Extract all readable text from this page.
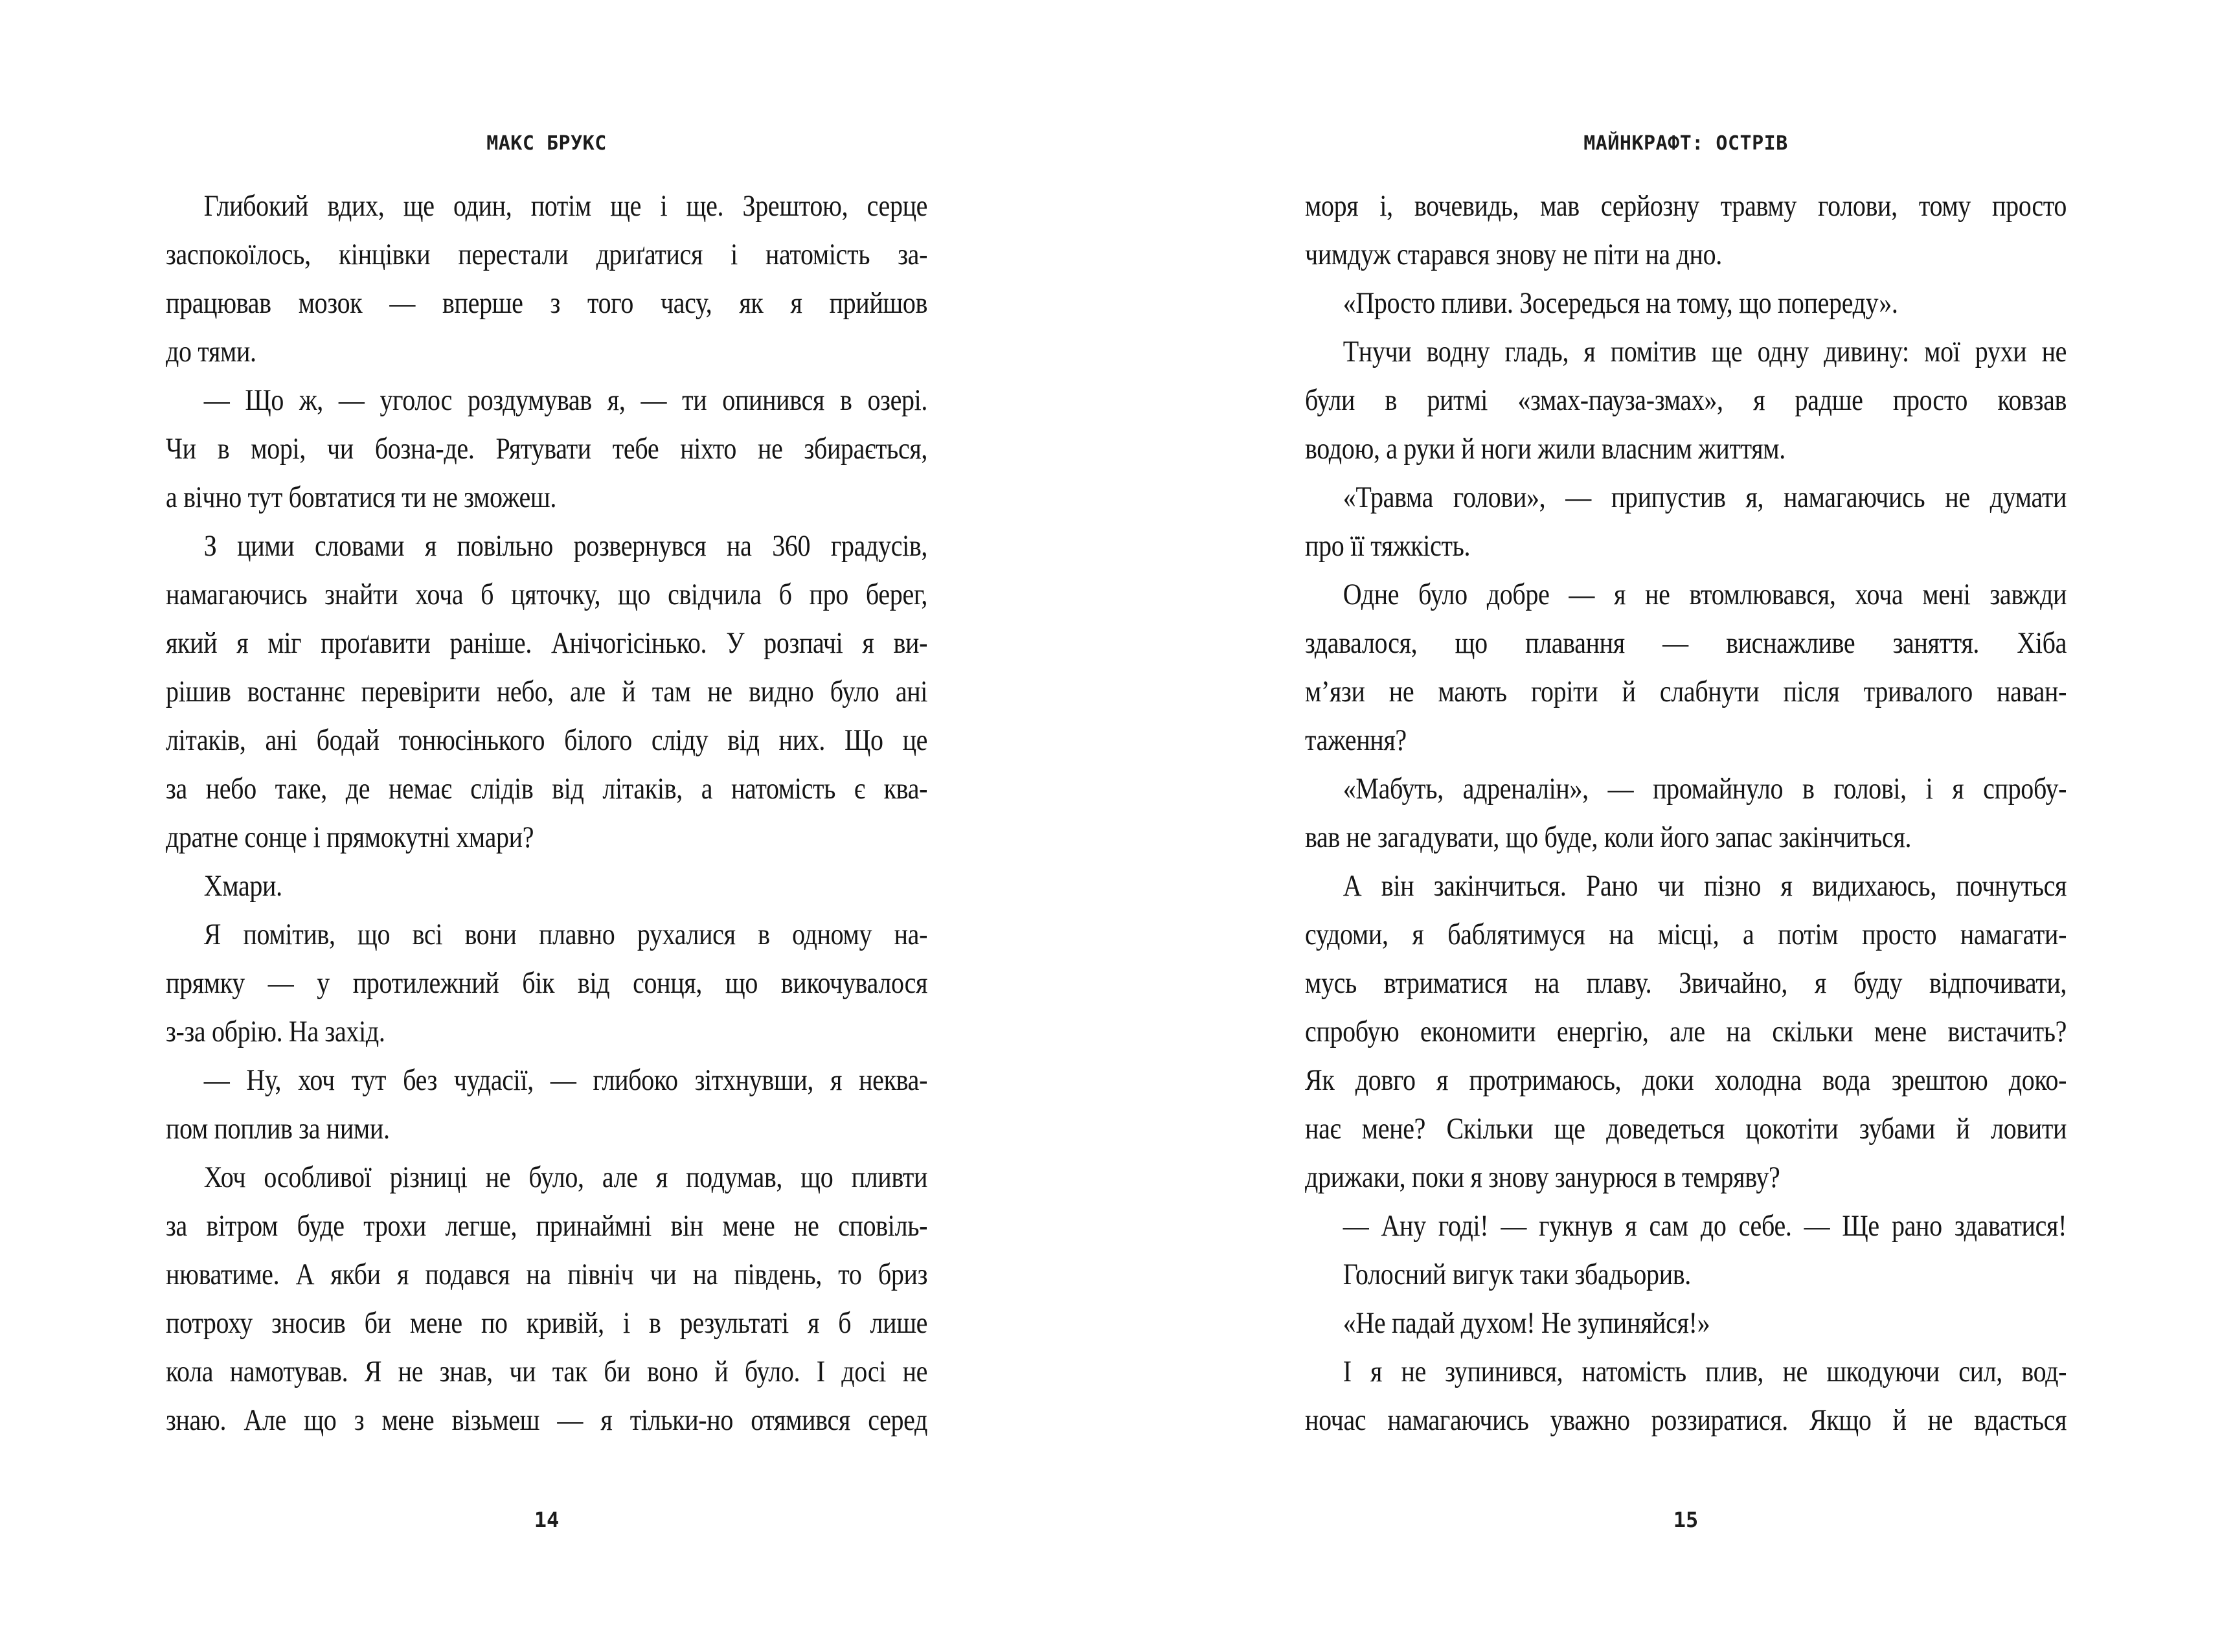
МАКС БРУКС
Глибокий вдих, ще один, потім ще і ще. Зрештою, серце
заспокоїлось, кінцівки перестали дриґатися і натомість за-
працював мозок — вперше з того часу, як я прийшов
до тями.
— Що ж, — уголос роздумував я, — ти опинився в озері.
Чи в морі, чи бозна-де. Рятувати тебе ніхто не збирається,
а вічно тут бовтатися ти не зможеш.
З цими словами я повільно розвернувся на 360 градусів,
намагаючись знайти хоча б цяточку, що свідчила б про берег,
який я міг проґавити раніше. Анічогісінько. У розпачі я ви-
рішив востаннє перевірити небо, але й там не видно було ані
літаків, ані бодай тонюсінького білого сліду від них. Що це
за небо таке, де немає слідів від літаків, а натомість є ква-
дратне сонце і прямокутні хмари?
Хмари.
Я помітив, що всі вони плавно рухалися в одному на-
прямку — у протилежний бік від сонця, що викочувалося
з-за обрію. На захід.
— Ну, хоч тут без чудасії, — глибоко зітхнувши, я неква-
пом поплив за ними.
Хоч особливої різниці не було, але я подумав, що пливти
за вітром буде трохи легше, принаймні він мене не сповіль-
нюватиме. А якби я подався на північ чи на південь, то бриз
потроху зносив би мене по кривій, і в результаті я б лише
кола намотував. Я не знав, чи так би воно й було. І досі не
знаю. Але що з мене візьмеш — я тільки-но отямився серед
14
МАЙНКРАФТ: ОСТРІВ
моря і, вочевидь, мав серйозну травму голови, тому просто
чимдуж старався знову не піти на дно.
«Просто пливи. Зосередься на тому, що попереду».
Тнучи водну гладь, я помітив ще одну дивину: мої рухи не
були в ритмі «змах-пауза-змах», я радше просто ковзав
водою, а руки й ноги жили власним життям.
«Травма голови», — припустив я, намагаючись не думати
про її тяжкість.
Одне було добре — я не втомлювався, хоча мені завжди
здавалося, що плавання — виснажливе заняття. Хіба
м’язи не мають горіти й слабнути після тривалого наван-
таження?
«Мабуть, адреналін», — промайнуло в голові, і я спробу-
вав не загадувати, що буде, коли його запас закінчиться.
А він закінчиться. Рано чи пізно я видихаюсь, почнуться
судоми, я баблятимуся на місці, а потім просто намагати-
мусь втриматися на плаву. Звичайно, я буду відпочивати,
спробую економити енергію, але на скільки мене вистачить?
Як довго я протримаюсь, доки холодна вода зрештою доко-
нає мене? Скільки ще доведеться цокотіти зубами й ловити
дрижаки, поки я знову занурюся в темряву?
— Ану годі! — гукнув я сам до себе. — Ще рано здаватися!
Голосний вигук таки збадьорив.
«Не падай духом! Не зупиняйся!»
І я не зупинився, натомість плив, не шкодуючи сил, вод-
ночас намагаючись уважно роззиратися. Якщо й не вдасться
15
